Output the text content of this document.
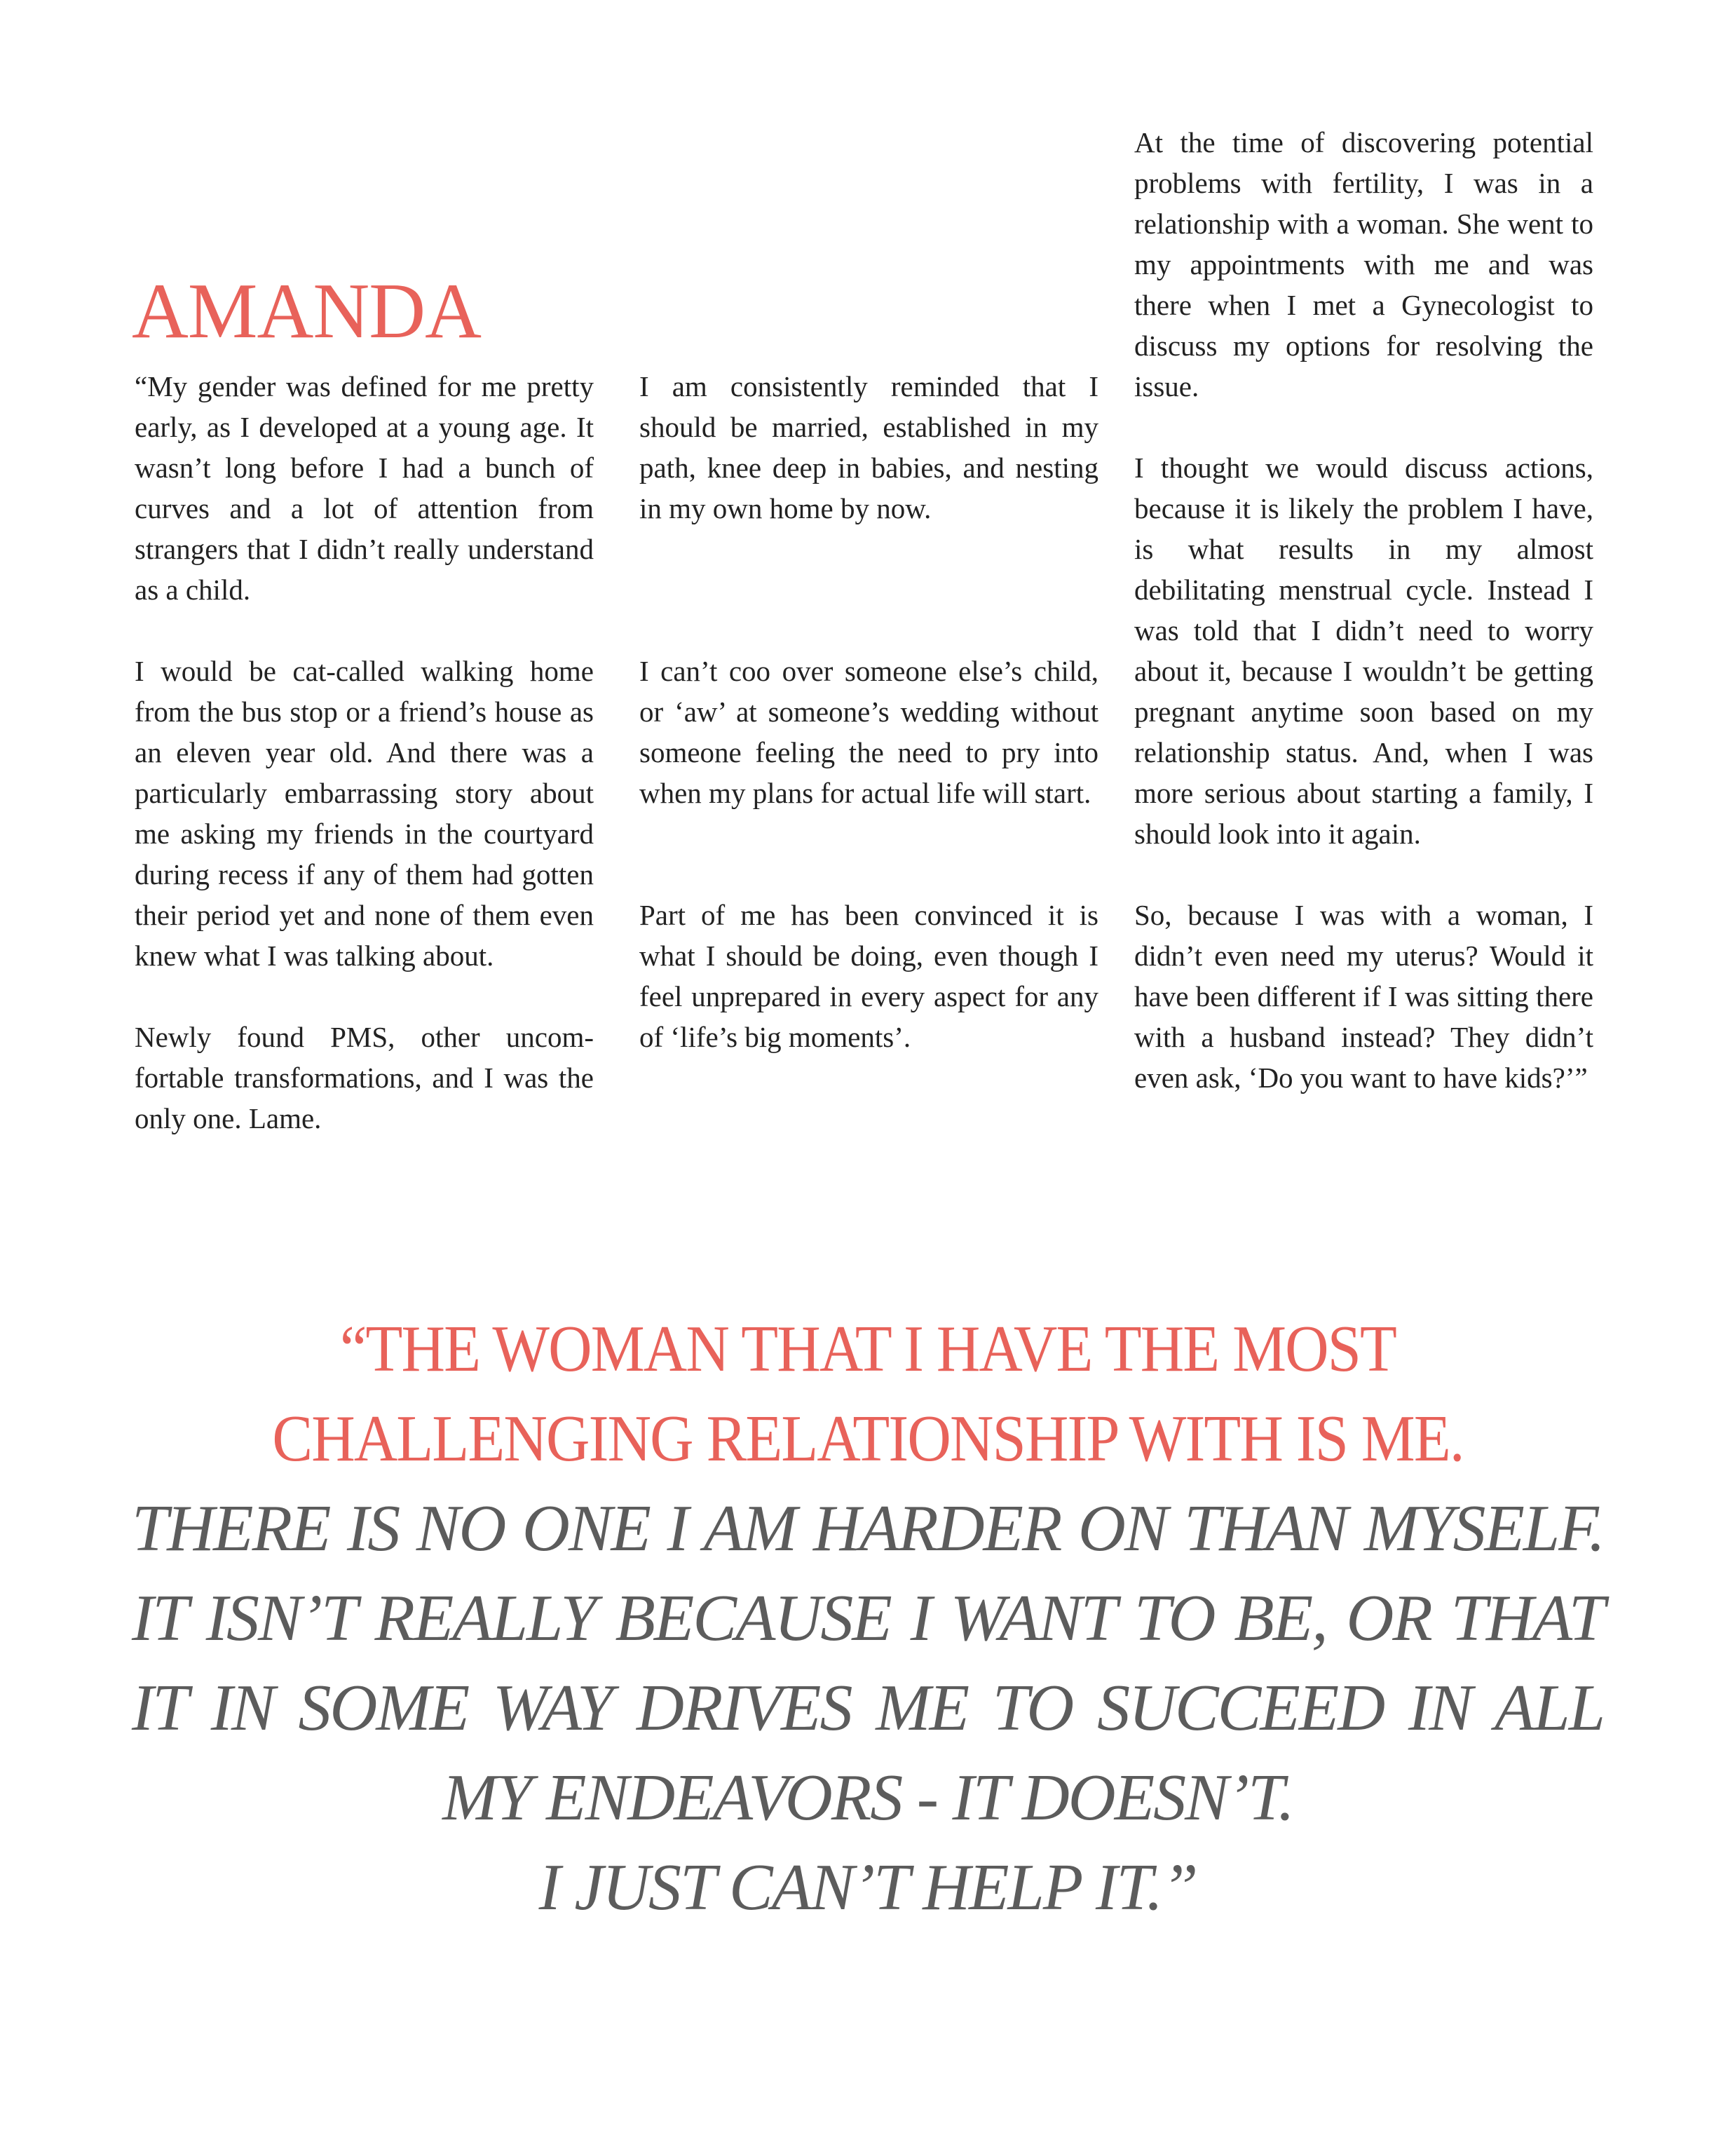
AMANDA

“My gender was defined for me pretty early, as I developed at a young age. It wasn’t long before I had a bunch of curves and a lot of attention from strangers that I didn’t really understand as a child.

I would be cat-called walking home from the bus stop or a friend’s house as an eleven year old. And there was a particularly embarrassing story about me asking my friends in the courtyard during recess if any of them had gotten their period yet and none of them even knew what I was talking about.

Newly found PMS, other uncomfortable transformations, and I was the only one. Lame.

I am consistently reminded that I should be married, established in my path, knee deep in babies, and nesting in my own home by now.

I can’t coo over someone else’s child, or ‘aw’ at someone’s wedding without someone feeling the need to pry into when my plans for actual life will start.

Part of me has been convinced it is what I should be doing, even though I feel unprepared in every aspect for any of ‘life’s big moments’.

At the time of discovering potential problems with fertility, I was in a relationship with a woman. She went to my appointments with me and was there when I met a Gynecologist to discuss my options for resolving the issue.

I thought we would discuss actions, because it is likely the problem I have, is what results in my almost debilitating menstrual cycle. Instead I was told that I didn’t need to worry about it, because I wouldn’t be getting pregnant anytime soon based on my relationship status. And, when I was more serious about starting a family, I should look into it again.

So, because I was with a woman, I didn’t even need my uterus? Would it have been different if I was sitting there with a husband instead? They didn’t even ask, ‘Do you want to have kids?’”

“THE WOMAN THAT I HAVE THE MOST
CHALLENGING RELATIONSHIP WITH IS ME.
THERE IS NO ONE I AM HARDER ON THAN MYSELF. IT ISN’T REALLY BECAUSE I WANT TO BE, OR THAT IT IN SOME WAY DRIVES ME TO SUCCEED IN ALL MY ENDEAVORS - IT DOESN’T.
I JUST CAN’T HELP IT.”
